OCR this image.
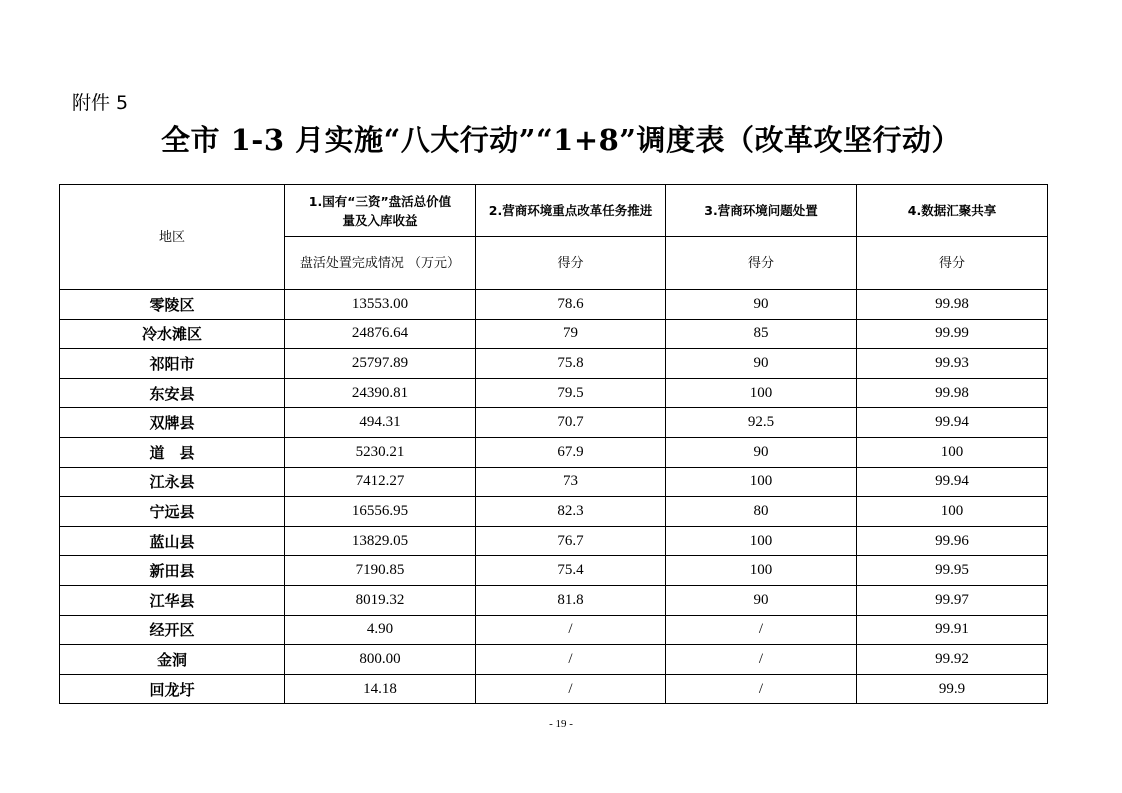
附件 5
全市 1-3 月实施“八大行动”“1+8”调度表（改革攻坚行动）
地区	1.国有“三资”盘活总价值量及入库收益	2.营商环境重点改革任务推进	3.营商环境问题处置	4.数据汇聚共享
	盘活处置完成情况 （万元）	得分	得分	得分
零陵区	13553.00	78.6	90	99.98
冷水滩区	24876.64	79	85	99.99
祁阳市	25797.89	75.8	90	99.93
东安县	24390.81	79.5	100	99.98
双牌县	494.31	70.7	92.5	99.94
道　县	5230.21	67.9	90	100
江永县	7412.27	73	100	99.94
宁远县	16556.95	82.3	80	100
蓝山县	13829.05	76.7	100	99.96
新田县	7190.85	75.4	100	99.95
江华县	8019.32	81.8	90	99.97
经开区	4.90	/	/	99.91
金洞	800.00	/	/	99.92
回龙圩	14.18	/	/	99.9
- 19 -
